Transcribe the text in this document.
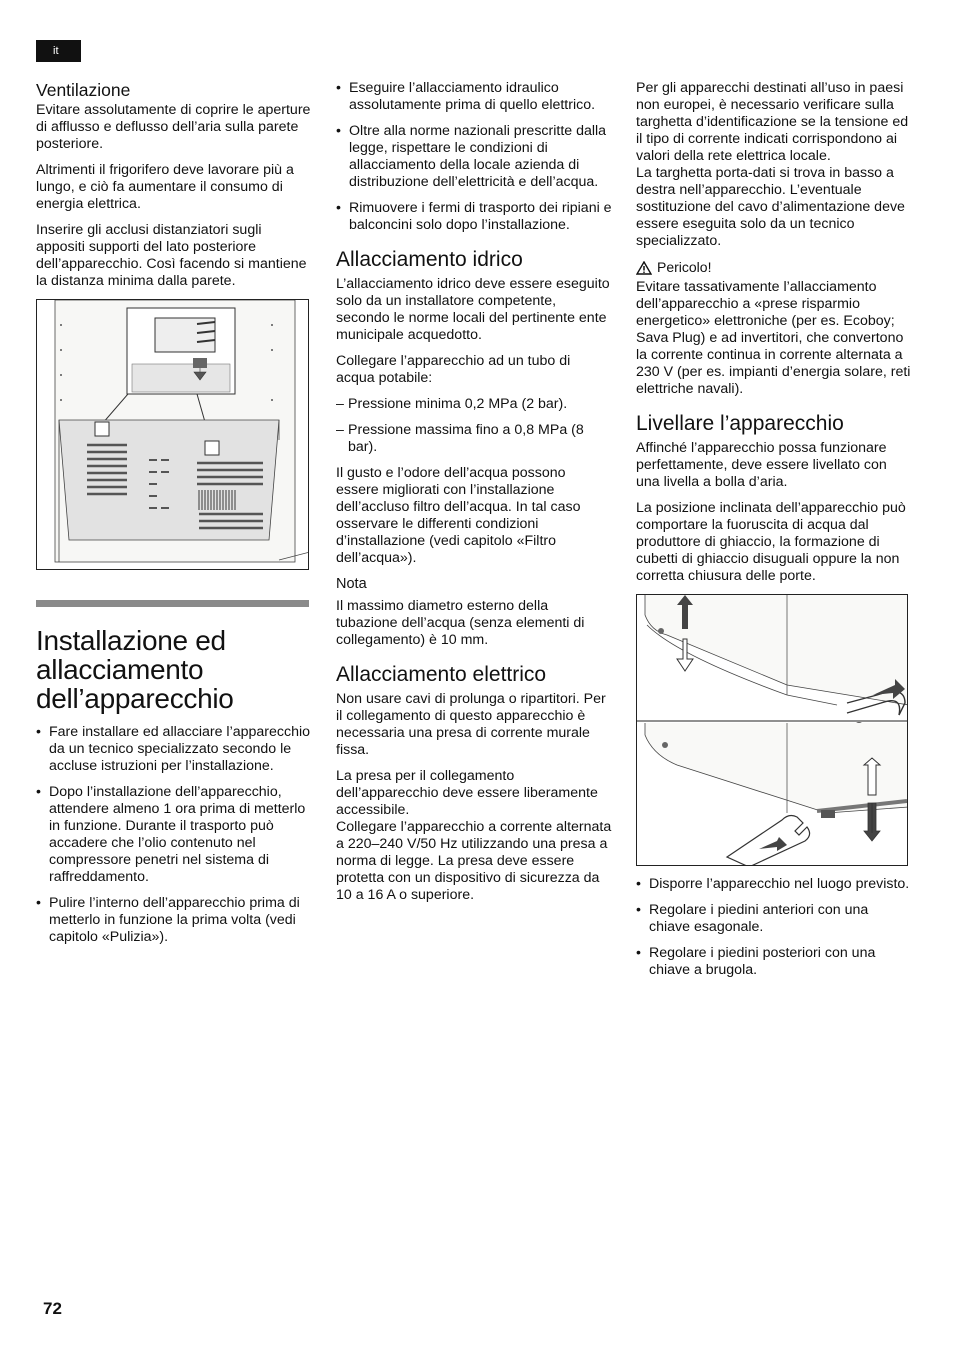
it
Ventilazione

Evitare assolutamente di coprire le aperture di afflusso e deflusso dell’aria sulla parete posteriore.

Altrimenti il frigorifero deve lavorare più a lungo, e ciò fa aumentare il consumo di energia elettrica.

Inserire gli acclusi distanziatori sugli appositi supporti del lato posteriore dell’apparecchio. Così facendo si mantiene la distanza minima dalla parete.

Installazione ed allacciamento dell’apparecchio
• Fare installare ed allacciare l’apparecchio da un tecnico specializzato secondo le accluse istruzioni per l’installazione.
• Dopo l’installazione dell’apparecchio, attendere almeno 1 ora prima di metterlo in funzione. Durante il trasporto può accadere che l’olio contenuto nel compressore penetri nel sistema di raffreddamento.
• Pulire l’interno dell’apparecchio prima di metterlo in funzione la prima volta (vedi capitolo «Pulizia»).
• Eseguire l’allacciamento idraulico assolutamente prima di quello elettrico.
• Oltre alla norme nazionali prescritte dalla legge, rispettare le condizioni di allacciamento della locale azienda di distribuzione dell’elettricità e dell’acqua.
• Rimuovere i fermi di trasporto dei ripiani e balconcini solo dopo l’installazione.
Allacciamento idrico

L’allacciamento idrico deve essere eseguito solo da un installatore competente, secondo le norme locali del pertinente ente municipale acquedotto.

Collegare l’apparecchio ad un tubo di acqua potabile:

– Pressione minima 0,2 MPa (2 bar).
– Pressione massima fino a 0,8 MPa (8 bar).

Il gusto e l’odore dell’acqua possono essere migliorati con l’installazione dell’accluso filtro dell’acqua. In tal caso osservare le differenti condizioni d’installazione (vedi capitolo «Filtro dell’acqua»).

Nota

Il massimo diametro esterno della tubazione dell’acqua (senza elementi di collegamento) è 10 mm.

Allacciamento elettrico

Non usare cavi di prolunga o ripartitori. Per il collegamento di questo apparecchio è necessaria una presa di corrente murale fissa.

La presa per il collegamento dell’apparecchio deve essere liberamente accessibile.

Collegare l’apparecchio a corrente alternata a 220–240 V/50 Hz utilizzando una presa a norma di legge. La presa deve essere protetta con un dispositivo di sicurezza da 10 a 16 A o superiore.

Per gli apparecchi destinati all’uso in paesi non europei, è necessario verificare sulla targhetta d’identificazione se la tensione ed il tipo di corrente indicati corrispondono ai valori della rete elettrica locale.

La targhetta porta-dati si trova in basso a destra nell’apparecchio. L’eventuale sostituzione del cavo d’alimentazione deve essere eseguita solo da un tecnico specializzato.

Pericolo!

Evitare tassativamente l’allacciamento dell’apparecchio a «prese risparmio energetico» elettroniche (per es. Ecoboy; Sava Plug) e ad invertitori, che convertono la corrente continua in corrente alternata a 230 V (per es. impianti d’energia solare, reti elettriche navali).

Livellare l’apparecchio

Affinché l’apparecchio possa funzionare perfettamente, deve essere livellato con una livella a bolla d’aria.

La posizione inclinata dell’apparecchio può comportare la fuoruscita di acqua dal produttore di ghiaccio, la formazione di cubetti di ghiaccio disuguali oppure la non corretta chiusura delle porte.

• Disporre l’apparecchio nel luogo previsto.
• Regolare i piedini anteriori con una chiave esagonale.
• Regolare i piedini posteriori con una chiave a brugola.
72
